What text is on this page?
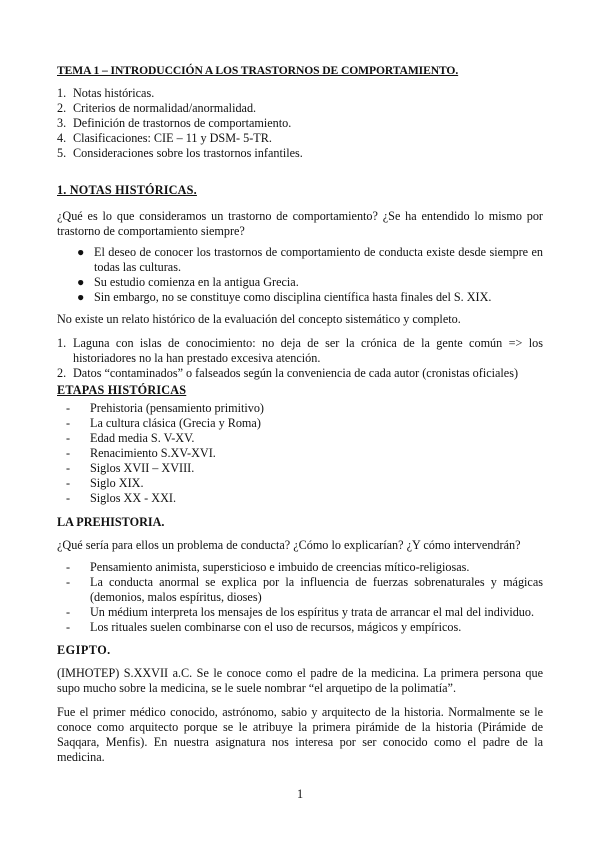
TEMA 1 – INTRODUCCIÓN A LOS TRASTORNOS DE COMPORTAMIENTO.

1. Notas históricas.
2. Criterios de normalidad/anormalidad.
3. Definición de trastornos de comportamiento.
4. Clasificaciones: CIE – 11 y DSM- 5-TR.
5. Consideraciones sobre los trastornos infantiles.

1. NOTAS HISTÓRICAS.

¿Qué es lo que consideramos un trastorno de comportamiento? ¿Se ha entendido lo mismo por trastorno de comportamiento siempre?

● El deseo de conocer los trastornos de comportamiento de conducta existe desde siempre en todas las culturas.
● Su estudio comienza en la antigua Grecia.
● Sin embargo, no se constituye como disciplina científica hasta finales del S. XIX.

No existe un relato histórico de la evaluación del concepto sistemático y completo.

1. Laguna con islas de conocimiento: no deja de ser la crónica de la gente común => los historiadores no la han prestado excesiva atención.
2. Datos “contaminados” o falseados según la conveniencia de cada autor (cronistas oficiales)

ETAPAS HISTÓRICAS

- Prehistoria (pensamiento primitivo)
- La cultura clásica (Grecia y Roma)
- Edad media S. V-XV.
- Renacimiento S.XV-XVI.
- Siglos XVII – XVIII.
- Siglo XIX.
- Siglos XX - XXI.

LA PREHISTORIA.

¿Qué sería para ellos un problema de conducta? ¿Cómo lo explicarían? ¿Y cómo intervendrán?

- Pensamiento animista, supersticioso e imbuido de creencias mítico-religiosas.
- La conducta anormal se explica por la influencia de fuerzas sobrenaturales y mágicas (demonios, malos espíritus, dioses)
- Un médium interpreta los mensajes de los espíritus y trata de arrancar el mal del individuo.
- Los rituales suelen combinarse con el uso de recursos, mágicos y empíricos.

EGIPTO.

(IMHOTEP) S.XXVII a.C. Se le conoce como el padre de la medicina. La primera persona que supo mucho sobre la medicina, se le suele nombrar “el arquetipo de la polimatía”.

Fue el primer médico conocido, astrónomo, sabio y arquitecto de la historia. Normalmente se le conoce como arquitecto porque se le atribuye la primera pirámide de la historia (Pirámide de Saqqara, Menfis). En nuestra asignatura nos interesa por ser conocido como el padre de la medicina.

1
